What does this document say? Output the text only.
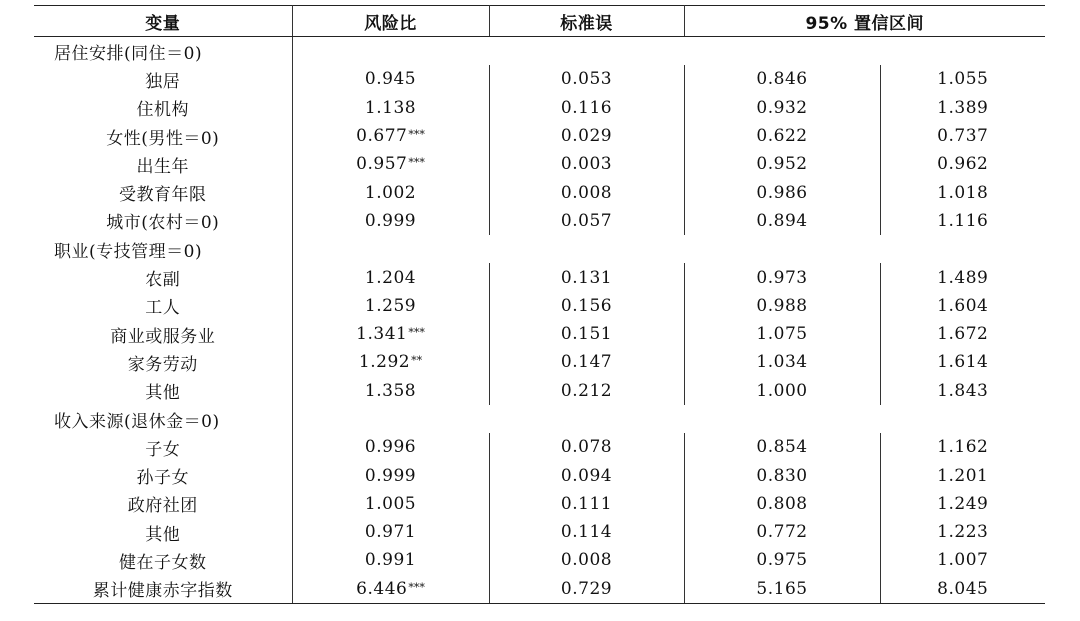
变量	风险比	标准误	95% 置信区间	
居住安排(同住＝0)				
独居	0.945	0.053	0.846	1.055
住机构	1.138	0.116	0.932	1.389
女性(男性＝0)	0.677***	0.029	0.622	0.737
出生年	0.957***	0.003	0.952	0.962
受教育年限	1.002	0.008	0.986	1.018
城市(农村＝0)	0.999	0.057	0.894	1.116
职业(专技管理＝0)				
农副	1.204	0.131	0.973	1.489
工人	1.259	0.156	0.988	1.604
商业或服务业	1.341***	0.151	1.075	1.672
家务劳动	1.292**	0.147	1.034	1.614
其他	1.358	0.212	1.000	1.843
收入来源(退休金＝0)				
子女	0.996	0.078	0.854	1.162
孙子女	0.999	0.094	0.830	1.201
政府社团	1.005	0.111	0.808	1.249
其他	0.971	0.114	0.772	1.223
健在子女数	0.991	0.008	0.975	1.007
累计健康赤字指数	6.446***	0.729	5.165	8.045
